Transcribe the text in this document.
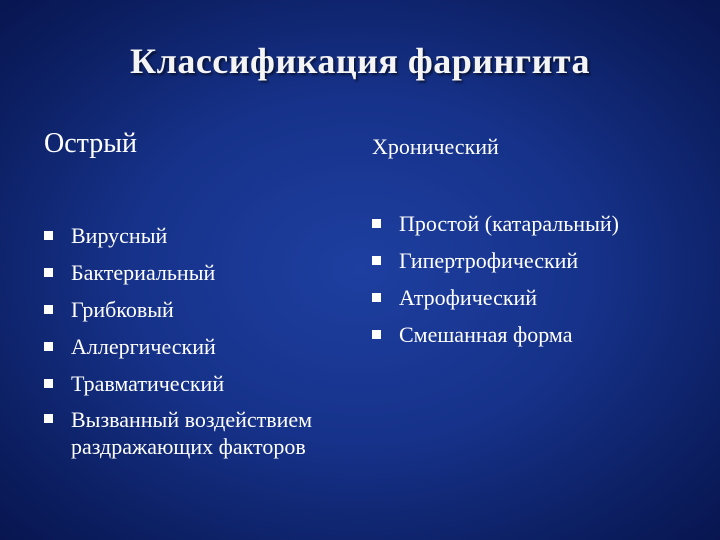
Классификация фарингита
Острый	Хронический
Вирусный
Бактериальный
Грибковый
Аллергический
Травматический
Вызванный воздействием раздражающих факторов
Простой (катаральный)
Гипертрофический
Атрофический
Смешанная форма
